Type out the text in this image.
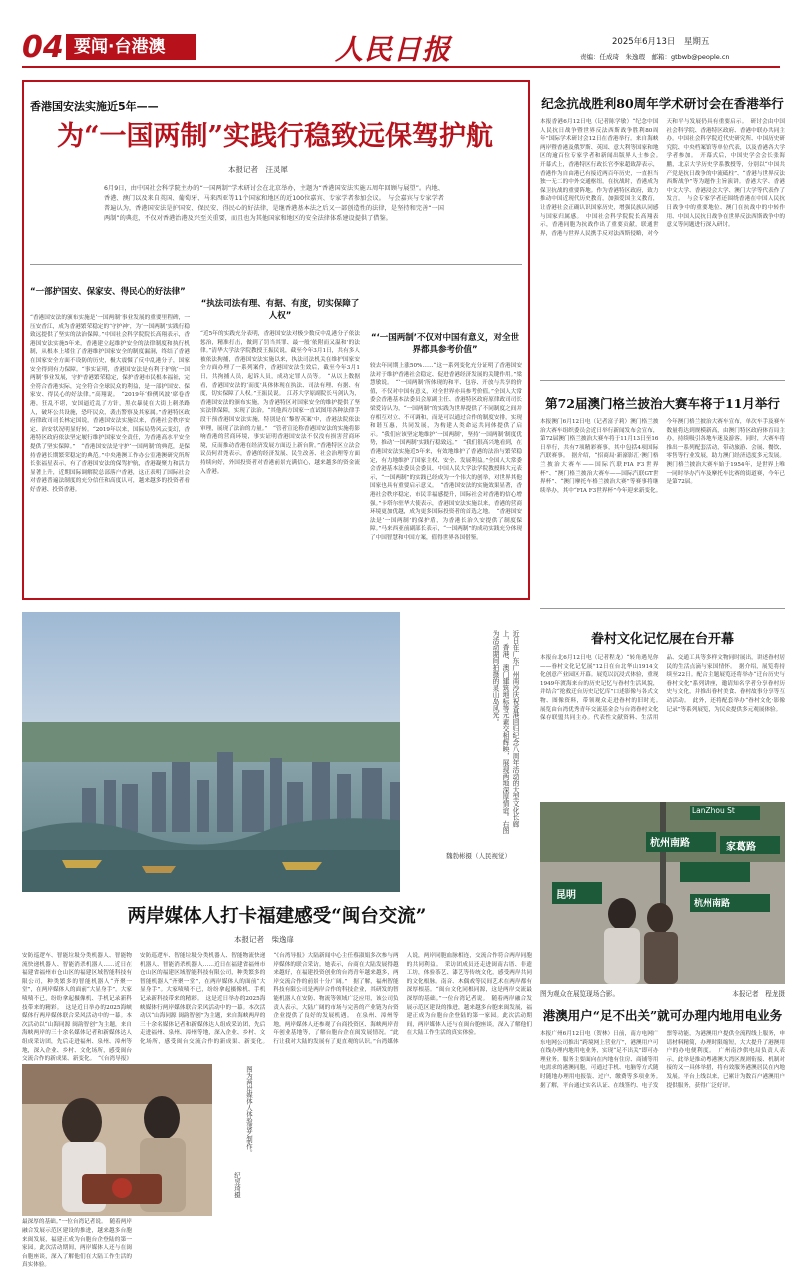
04 要闻·台港澳	人民日报	2025年6月13日　星期五
责编：任成琦　朱逸瑕　邮箱：gtbwb@people.cn
香港国安法实施近5年——
为“一国两制”实践行稳致远保驾护航
本报记者　汪灵犀
6月9日，由中国社会科学院主办的“一国两制”学术研讨会在北京举办，主题为“香港国安法实施五周年回顾与展望”。内地、香港、澳门以及来自英国、葡萄牙、马来西亚等11个国家和地区的近100位嘉宾、专家学者参加会议。　与会嘉宾与专家学者普遍认为，香港国安法是护国安、保民安、得民心的好法律，是继香港基本法之后又一部创造性的法律，是坚持和完善“一国两制”的典范，不仅对香港治港及兴至关重要，而且也为其他国家和地区的安全法律体系建设提供了借鉴。
“一部护国安、保家安、得民心的好法律”
“香港国安法的颁布实施是‘一国两制’事业发展的重要里程碑，一压安香江，成为香港繁荣稳定的‘守护神’，为‘一国两制’实践行稳致远提供了坚实的法治保障。”中国社会科学院院长高翔表示，香港国安法实施5年来，香港建立起维护安全的法律制度和执行机制，从根本上堵住了香港维护国家安全的制度漏洞，终结了香港在国家安全方面不设防的历史，极大震慑了反中乱港分子，国家安全得到有力保障。“事实证明，香港国安法是有利于护航‘一国两制’事业发展，守护香港繁荣稳定，保护香港市民根本福祉，完全符合香港实际，完全符合全球民众的利益，是一部护国安、保家安、得民心的好法律。”高翔说。　“2019年‘修例风波’席卷香港，狂乱不堪，安国逼近乱了方针，黑衣暴徒在大街上刺杀路人，破坏公共设施，恐吓民众，袭击警察及其家属。”香港特区政府律政司司长林定国说，香港国安法实施以来，香港社会秩序安定、治安状况明显好转。“2019年以来，国际局势风云变幻，香港特区政府依法坚定履行维护国家安全责任，为香港高水平安全提供了坚实保障。”　“香港国安法是守护‘一国两制’的典范，是保持香港长期繁荣稳定的典范。”中央港澳工作办公室港澳研究所所长张福星表示，有了香港国安法的保驾护航，香港凝聚力和活力显著上升，近期国际调解院总部落户香港，这正表明了国际社会对香港普遍法制度的充分信任和高度认可，越来越多的投资者看好香港、投资香港。
“执法司法有理、有据、有度，切实保障了人权”
“近5年的实践充分表明，香港国安法对极少数反中乱港分子依法惩治，精准打击，做到了罚当其罪、最一般‘依附而又温和’的法律。”清华大学法学院教授王振民说，截至今年3月1日，共有多人被依法拘捕，香港国安法实施以来，执法司法机关在维护国家安全方面办理了一系列案件，香港国安法生效后，截至今年3月1日，共拘捕人员，起诉人员，成功定罪人员等。　“从以上数据看，香港国安法的‘而度’具体体现在执法、司法有理、有据、有度，切实保障了人权。”王振民说。　江苏大学原副院长马剑认为，香港国安法的颁布实施，为香港特区对国家安全的维护提供了坚实法律保障，实现了法治。“其他西方国家一直试图用各种法律手段干预香港国安法实施，特别是在‘黎智英案’中，香港法院依法审理，展现了法治的力量。”　“管者宣论称香港国安法的实施将影响香港的营商环境，事实证明香港国安法不仅没有损害营商环境，反而推动香港在经济发展方面迈上新台阶。”香港特区立法会议员何君尧表示，香港的经济发展、民生改善、社会治理等方面持续向好，外国投资者对香港前景充满信心，越来越多的资金流入香港。
“‘一国两制’不仅对中国有意义，对全世界都具参考价值”
较去年同期上涨50%……“这一系列变化充分证明了香港国安法对于维护香港社会稳定、促进香港经济发展的关键作用。”梁慧敏说。　“‘一国两制’所体现的和平、包容、开放与共享的价值，不仅对中国有意义，对全世界亦具参考价值。”全国人大常委会香港基本法委员会原副主任、香港特区政府原律政司司长梁爱诗认为，“一国两制”的实践为世界提供了不同制度之间并存相互对立、不可调和，而是可以通过合作的制度安排，实现和谐互惠，共同发展，为构建人类命运共同体提供了启示。“我们应该坚定地维护‘一国两制’，坚持‘一国两制’制度优势，推动‘一国两制’实践行稳致远。”　“我们很高兴地看到，在香港国安法实施近5年来，有效地维护了香港的法治与繁荣稳定，有力地维护了国家主权、安全、发展利益。”全国人大常委会香港基本法委员会委员、中国人民大学法学院教授韩大元表示，“一国两制”的实践已经成为一个伟大的创举，对世界其他国家也具有重要启示意义。　“香港国安法的实施效果显著，香港社会秩序稳定，市民幸福感提升，国际社会对香港的信心增强。”卡塔尔驻华大使表示，香港国安法实施以来，香港的营商环境更加优越，成为更多国际投资者的首选之地。　“香港国安法是‘一国两制’的保护盾，为香港长治久安提供了制度保障。”马来西亚前副部长表示，“一国两制”的成功实践充分体现了中国智慧和中国方案，值得世界各国借鉴。
纪念抗战胜利80周年学术研讨会在香港举行
本报香港6月12日电（记者陈学敏）“纪念中国人民抗日战争暨世界反法西斯战争胜利80周年”国际学术研讨会12日在香港举行。来自海峡两岸暨香港及俄罗斯、英国、意大利等国家和地区的逾百位专家学者和新闻出版界人士参会。　开幕式上，香港特区行政长官李家超致辞表示，香港作为自由港已有接近两百年历史，一直担当独一无二的中外交通枢纽，在抗战时，香港成为保卫抗战的重要阵地。作为香港特区政府，致力推动中国近现代历史教育，加强爱国主义教育，让香港社会正确认识国家历史，增强民族认同感与国家归属感。　中国社会科学院院长高翔表示，香港同胞为抗战作出了重要贡献，联通世界，香港与世界人民携手反对法西斯侵略，对今天和平与发展仍具有重要启示。　研讨会由中国社会科学院、香港特区政府、香港中联办共同主办。中国社会科学院近代史研究所、中国历史研究院、中央档案馆等单位代表，以及香港各大学学者参加。　开幕式后，中国史学会会长张海鹏，北京大学历史学系教授等，分别以“中国共产党是抗日战争的中流砥柱”、“香港与世界反法西斯战争”等为题作主旨演讲。香港大学、香港中文大学、香港浸会大学、澳门大学等代表作了发言。　与会专家学者还围绕香港在中国人民抗日战争中的重要地位、澳门在抗战中的中转作用、中国人民抗日战争在世界反法西斯战争中的意义等问题进行深入研讨。
第72届澳门格兰披治大赛车将于11月举行
本报澳门6月12日电（记者富子莉）澳门格兰披治大赛车组织委员会近日举行新闻发布会宣布，第72届澳门格兰披治大赛车将于11月13日至16日举行，共有7项精彩赛事，其中包括4项国际汽联赛事。　据介绍，“招商局·新濠影汇·澳门格兰披治大赛车——国际汽联FIA F3世界杯”、“澳门格兰披治大赛车——国际汽联GT世界杯”、“澳门摩托车格兰披治大赛”等赛事将继续举办，其中“FIA F3世界杯”今年迎来新变化。　今年澳门格兰披治大赛车宣布，单次车手及赛车数量将达到规模新高，由澳门特区政府体育局主办，持续吸引各地车迷及游客。同时，大赛车将推出一系列配套活动，带动旅游、会展、餐饮、零售等行业发展，助力澳门经济适度多元发展。澳门格兰披治大赛车始于1954年，是世界上唯一同时举办汽车及摩托车比赛的街道赛，今年已是第72届。
近日在广东广州南沙庆祝香港回归纪念八周年活动的大型文化长廊上，香港、澳门建筑地标等元素交相辉映，展现两地深厚情谊。右图为活动期间拍摄的灵山岛风光。
魏勃彬摄（人民视觉）
两岸媒体人打卡福建感受“闽台交流”
本报记者　柴逸扉
安防巡逻车、智能垃圾分类机器人、智能物流快递机器人、智能消杀机器人……近日在福建省福州市仓山区的福建区域智能科技有限公司，种类繁多的智能机器人“齐聚一堂”，在两岸媒体人的面前“大显身手”。大家啧啧不已，纷纷拿起摄像机、手机记录新科技带来的精彩。　这是近日举办的2025海峡媒体行两岸媒体联合采风活动中的一幕。本次活动以“山海同源 闽韵智创”为主题，来自海峡两岸的三十余名媒体记者和新媒体达人组成采访团，先后走进福州、泉州、漳州等地，深入企业、乡村、文化场所，感受闽台交流合作的新成果、新变化。　“《台湾导报》　　　最深厚的基础。”一位台湾记者说。　随着两岸融合发展示范区建设的推进，越来越多台胞来闽发展，福建正成为台胞台企登陆的第一家园。此次活动期间，两岸媒体人还与在闽台胞座谈，深入了解他们在大陆工作生活的真实体验。
安防巡逻车、智能垃圾分类机器人、智能物流快递机器人、智能消杀机器人……近日在福建省福州市仓山区的福建区域智能科技有限公司，种类繁多的智能机器人“齐聚一堂”，在两岸媒体人的面前“大显身手”。大家啧啧不已，纷纷拿起摄像机、手机记录新科技带来的精彩。　这是近日举办的2025海峡媒体行两岸媒体联合采风活动中的一幕。本次活动以“山海同源 闽韵智创”为主题，来自海峡两岸的三十余名媒体记者和新媒体达人组成采访团，先后走进福州、泉州、漳州等地，深入企业、乡村、文化场所，感受闽台交流合作的新成果、新变化。　“《台湾导报》大陆新闻中心主任蔡淑娟多次参与两岸媒体的联合采访。她表示，台商在大陆发展得越来越好，在福建投资创业的台湾青年越来越多，两岸交流合作的前景十分广阔。”　据了解，福州智能科技有限公司是两岸合作的科技企业，其研发的智能机器人在安防、物流等领域广泛应用，该公司负责人表示，大陆广阔的市场与完善的产业链为台资企业提供了良好的发展机遇。　在泉州、漳州等地，两岸媒体人还参观了台商投资区、海峡两岸青年创业基地等，了解台胞台企在闽发展情况。“此行让我对大陆的发展有了更直观的认识。”台湾媒体人说，两岸同胞血脉相连，交流合作符合两岸同胞的共同利益。　采访团成员还走进闽南古厝、非遗工坊，体验茶艺、漆艺等传统文化，感受两岸共同的文化根脉。南音、木偶戏等民间艺术在两岸都有深厚根基。“闽台文化同根同源，这是两岸交流最深厚的基础。”一位台湾记者说。　随着两岸融合发展示范区建设的推进，越来越多台胞来闽发展，福建正成为台胞台企登陆的第一家园。此次活动期间，两岸媒体人还与在闽台胞座谈，深入了解他们在大陆工作生活的真实体验。
图为两岸媒体人体验漆艺制作。
纪昱琦摄
眷村文化记忆展在台开幕
本报台北6月12日电（记者程龙）“转角遇见你——眷村文化记忆展”12日在台北华山1914文化创意产业园区开幕。展览以沉浸式体验，重现1949年渡海来台的历史记忆与眷村生活风貌，并结合“抢救迁台历史记忆库”口述影像与各式文物、图像资料，带领观众走进眷村的旧时光。　展览由台湾优秀青年交流基金会与台湾眷村文化保存联盟共同主办。代表性文献资料、生活用品、交通工具等多样文物同时展出，讲述眷村居民的生活点滴与家国情怀。　据介绍，展览将持续至22日。配合主题展览还将举办“迁台历史与眷村文化”系列讲座，邀请知名学者分享眷村历史与文化，并推出眷村美食、眷村故事分享等互动活动。　此外，还将配套举办“眷村文化·影像记录”等系列展览，为民众提供多元观展体验。
LanZhou St
杭州南路	家葛路
昆明
杭州南路
图为观众在展览现场合影。	本报记者　程龙摄
港澳用户“足不出关”就可办理内地用电业务
本报广州6月12日电（贺林）日前，南方电网广东电网公司推出“跨境网上营业厅”，港澳用户可在线办理内地用电业务，实现“足不出关”即可办理业务。服务主要面向在内地有住房、商铺等用电需求的港澳同胞，可通过手机、电脑等方式随时随地办理用电报装、过户、缴费等多项业务。　据了解，平台通过实名认证、在线签约、电子发票等功能，为港澳用户提供全流程线上服务，申请材料精简，办理时限缩短，大大提升了港澳用户的办电便利度。　广州南沙供电局负责人表示，此举是推动粤港澳大湾区规则衔接、机制对接的又一具体举措，将有效服务港澳居民在内地发展。平台上线以来，已累计为数百户港澳用户提供服务，获得广泛好评。
